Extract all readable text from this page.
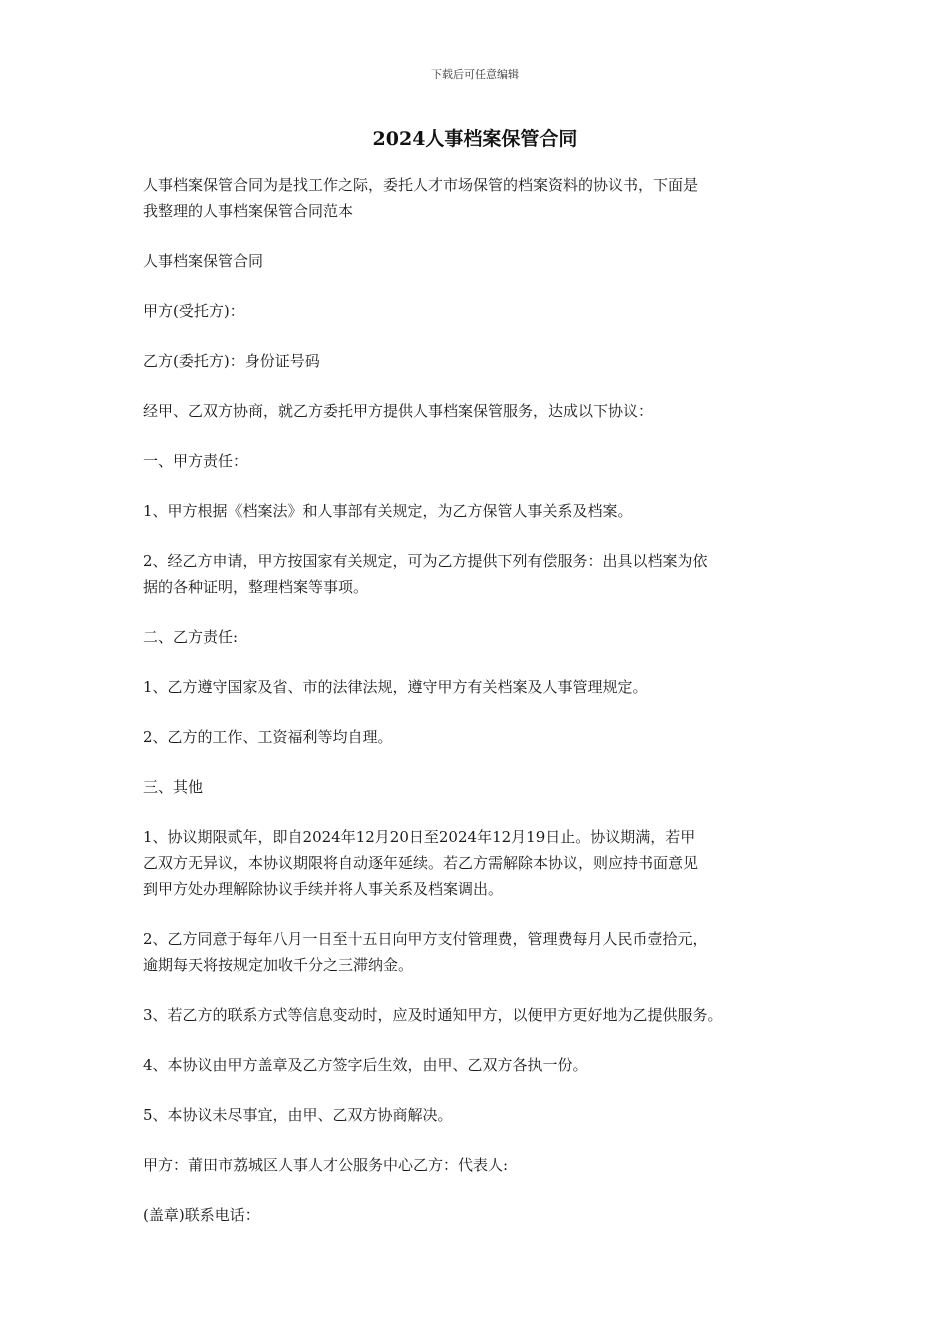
下载后可任意编辑
2024人事档案保管合同

人事档案保管合同为是找工作之际，委托人才市场保管的档案资料的协议书，下面是
我整理的人事档案保管合同范本

人事档案保管合同

甲方(受托方)：

乙方(委托方)：身份证号码

经甲、乙双方协商，就乙方委托甲方提供人事档案保管服务，达成以下协议：

一、甲方责任：

1、甲方根据《档案法》和人事部有关规定，为乙方保管人事关系及档案。

2、经乙方申请，甲方按国家有关规定，可为乙方提供下列有偿服务：出具以档案为依
据的各种证明，整理档案等事项。

二、乙方责任:

1、乙方遵守国家及省、市的法律法规，遵守甲方有关档案及人事管理规定。

2、乙方的工作、工资福利等均自理。

三、其他

1、协议期限贰年，即自2024年12月20日至2024年12月19日止。协议期满，若甲
乙双方无异议，本协议期限将自动逐年延续。若乙方需解除本协议，则应持书面意见
到甲方处办理解除协议手续并将人事关系及档案调出。

2、乙方同意于每年八月一日至十五日向甲方支付管理费，管理费每月人民币壹拾元，
逾期每天将按规定加收千分之三滞纳金。

3、若乙方的联系方式等信息变动时，应及时通知甲方，以便甲方更好地为乙提供服务。

4、本协议由甲方盖章及乙方签字后生效，由甲、乙双方各执一份。

5、本协议未尽事宜，由甲、乙双方协商解决。

甲方：莆田市荔城区人事人才公服务中心乙方：代表人:

(盖章)联系电话：
